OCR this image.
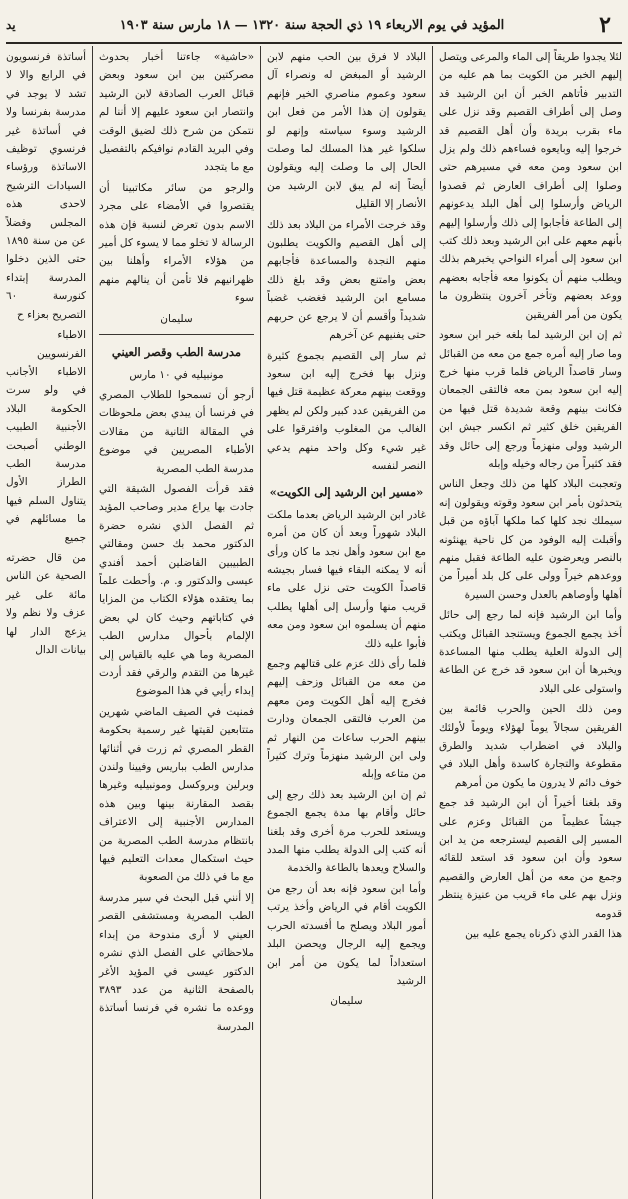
٢
المؤيد في يوم الاربعاء ١٩ ذي الحجة سنة ١٣٢٠ — ١٨ مارس سنة ١٩٠٣
يد

لئلا يجدوا طريقاً إلى الماء والمرعى ويتصل إليهم الخبر من الكويت بما هم عليه من التدبير فأتاهم الخبر أن ابن الرشيد قد وصل إلى أطراف القصيم وقد نزل على ماء بقرب بريدة وأن أهل القصيم قد خرجوا إليه وبايعوه فساءهم ذلك ولم يزل ابن سعود ومن معه في مسيرهم حتى وصلوا إلى أطراف العارض ثم قصدوا الرياض وأرسلوا إلى أهل البلد يدعونهم إلى الطاعة فأجابوا إلى ذلك وأرسلوا إليهم بأنهم معهم على ابن الرشيد وبعد ذلك كتب ابن سعود إلى أمراء النواحي يخبرهم بذلك ويطلب منهم أن يكونوا معه فأجابه بعضهم ووعد بعضهم وتأخر آخرون ينتظرون ما يكون من أمر الفريقين

ثم إن ابن الرشيد لما بلغه خبر ابن سعود وما صار إليه أمره جمع من معه من القبائل وسار قاصداً الرياض فلما قرب منها خرج إليه ابن سعود بمن معه فالتقى الجمعان فكانت بينهم وقعة شديدة قتل فيها من الفريقين خلق كثير ثم انكسر جيش ابن الرشيد وولى منهزماً ورجع إلى حائل وقد فقد كثيراً من رجاله وخيله وإبله

وتعجبت البلاد كلها من ذلك وجعل الناس يتحدثون بأمر ابن سعود وقوته ويقولون إنه سيملك نجد كلها كما ملكها آباؤه من قبل وأقبلت إليه الوفود من كل ناحية يهنئونه بالنصر ويعرضون عليه الطاعة فقبل منهم ووعدهم خيراً وولى على كل بلد أميراً من أهلها وأوصاهم بالعدل وحسن السيرة

وأما ابن الرشيد فإنه لما رجع إلى حائل أخذ يجمع الجموع ويستنجد القبائل ويكتب إلى الدولة العلية يطلب منها المساعدة ويخبرها أن ابن سعود قد خرج عن الطاعة واستولى على البلاد

ومن ذلك الحين والحرب قائمة بين الفريقين سجالاً يوماً لهؤلاء ويوماً لأولئك والبلاد في اضطراب شديد والطرق مقطوعة والتجارة كاسدة وأهل البلاد في خوف دائم لا يدرون ما يكون من أمرهم

وقد بلغنا أخيراً أن ابن الرشيد قد جمع جيشاً عظيماً من القبائل وعزم على المسير إلى القصيم ليسترجعه من يد ابن سعود وأن ابن سعود قد استعد للقائه وجمع من معه من أهل العارض والقصيم ونزل بهم على ماء قريب من عنيزة ينتظر قدومه

هذا القدر الذي ذكرناه يجمع عليه بين

البلاد لا فرق بين الحب منهم لابن الرشيد أو المبغض له ونصراء آل سعود وعموم مناصري الخير فإنهم يقولون إن هذا الأمر من فعل ابن الرشيد وسوء سياسته وإنهم لو سلكوا غير هذا المسلك لما وصلت الحال إلى ما وصلت إليه ويقولون أيضاً إنه لم يبق لابن الرشيد من الأنصار إلا القليل

وقد خرجت الأمراء من البلاد بعد ذلك إلى أهل القصيم والكويت يطلبون منهم النجدة والمساعدة فأجابهم بعض وامتنع بعض وقد بلغ ذلك مسامع ابن الرشيد فغضب غضباً شديداً وأقسم أن لا يرجع عن حربهم حتى يفنيهم عن آخرهم

ثم سار إلى القصيم بجموع كثيرة ونزل بها فخرج إليه ابن سعود ووقعت بينهم معركة عظيمة قتل فيها من الفريقين عدد كبير ولكن لم يظهر الغالب من المغلوب وافترقوا على غير شيء وكل واحد منهم يدعي النصر لنفسه

«مسير ابن الرشيد إلى الكويت»

غادر ابن الرشيد الرياض بعدما ملكت البلاد شهوراً وبعد أن كان من أمره مع ابن سعود وأهل نجد ما كان ورأى أنه لا يمكنه البقاء فيها فسار بجيشه قاصداً الكويت حتى نزل على ماء قريب منها وأرسل إلى أهلها يطلب منهم أن يسلموه ابن سعود ومن معه فأبوا عليه ذلك

فلما رأى ذلك عزم على قتالهم وجمع من معه من القبائل وزحف إليهم فخرج إليه أهل الكويت ومن معهم من العرب فالتقى الجمعان ودارت بينهم الحرب ساعات من النهار ثم ولى ابن الرشيد منهزماً وترك كثيراً من متاعه وإبله

ثم إن ابن الرشيد بعد ذلك رجع إلى حائل وأقام بها مدة يجمع الجموع ويستعد للحرب مرة أخرى وقد بلغنا أنه كتب إلى الدولة يطلب منها المدد والسلاح ويعدها بالطاعة والخدمة

وأما ابن سعود فإنه بعد أن رجع من الكويت أقام في الرياض وأخذ يرتب أمور البلاد ويصلح ما أفسدته الحرب ويجمع إليه الرجال ويحصن البلد استعداداً لما يكون من أمر ابن الرشيد

سليمان

«حاشية» جاءتنا أخبار بحدوث مصركتين بين ابن سعود وبعض قبائل العرب الصادقة لابن الرشيد وانتصار ابن سعود عليهم إلا أننا لم نتمكن من شرح ذلك لضيق الوقت وفي البريد القادم نوافيكم بالتفصيل مع ما يتجدد

والرجو من سائر مكاتبينا أن يقتصروا في الأمضاء على مجرد الاسم بدون تعرض لنسبة فإن هذه الرسالة لا تخلو مما لا يسوء كل أمير من هؤلاء الأمراء وأهلنا بين ظهرانيهم فلا تأمن أن ينالهم منهم سوء

سليمان
مدرسة الطب وقصر العيني
مونبيليه في ١٠ مارس

أرجو أن تسمحوا للطلاب المصري في فرنسا أن يبدي بعض ملحوظات في المقالة الثانية من مقالات الأطباء المصريين في موضوع مدرسة الطب المصرية

فقد قرأت الفصول الشيقة التي جادت بها يراع مدير وصاحب المؤيد ثم الفصل الذي نشره حضرة الدكتور محمد بك حسن ومقالتي الطبيبين الفاضلين أحمد أفندي عيسى والدكتور و. م. وأحطت علماً بما يعتقده هؤلاء الكتاب من المزايا في كتاباتهم وحيث كان لي بعض الإلمام بأحوال مدارس الطب المصرية وما هي عليه بالقياس إلى غيرها من التقدم والرقي فقد أردت إبداء رأيي في هذا الموضوع

فمنيت في الصيف الماضي شهرين متتابعين لقيتها غير رسمية بحكومة القطر المصري ثم زرت في أثنائها مدارس الطب بباريس وفيينا ولندن وبرلين وبروكسل ومونبيليه وغيرها بقصد المقارنة بينها وبين هذه المدارس الأجنبية إلى الاعتراف بانتظام مدرسة الطب المصرية من حيث استكمال معدات التعليم فيها مع ما في ذلك من الصعوبة

إلا أنني قبل البحث في سير مدرسة الطب المصرية ومستشفى القصر العيني لا أرى مندوحة من إبداء ملاحظاتي على الفصل الذي نشره الدكتور عيسى في المؤيد الأغر بالصفحة الثانية من عدد ٣٨٩٣ ووعده ما نشره في فرنسا أساتذة المدرسة

أساتذة فرنسويون في الرابع والا لا تشد لا يوجد في مدرسة بفرنسا ولا في أساتذة غير فرنسوي توظيف الاساتذة ورؤساء السيادات الترشيح لاحدى هذه المجلس وفضلاً عن من سنة ١٨٩٥ حتى الذين دخلوا المدرسة إبتداء كنورسة ٦٠ التصريح بعزاء ح

الاطباء الفرنسويين الاطباء الأجانب في ولو سرت الحكومة البلاد الأجنبية الطبيب الوطني أصبحت مدرسة الطب الطراز الأول يتناول السلم فيها ما مسائلهم في جميع

من قال حضرته الصحية عن الناس مائة على غير عزف ولا نظم ولا يزعج الدار لها بيانات الدال
